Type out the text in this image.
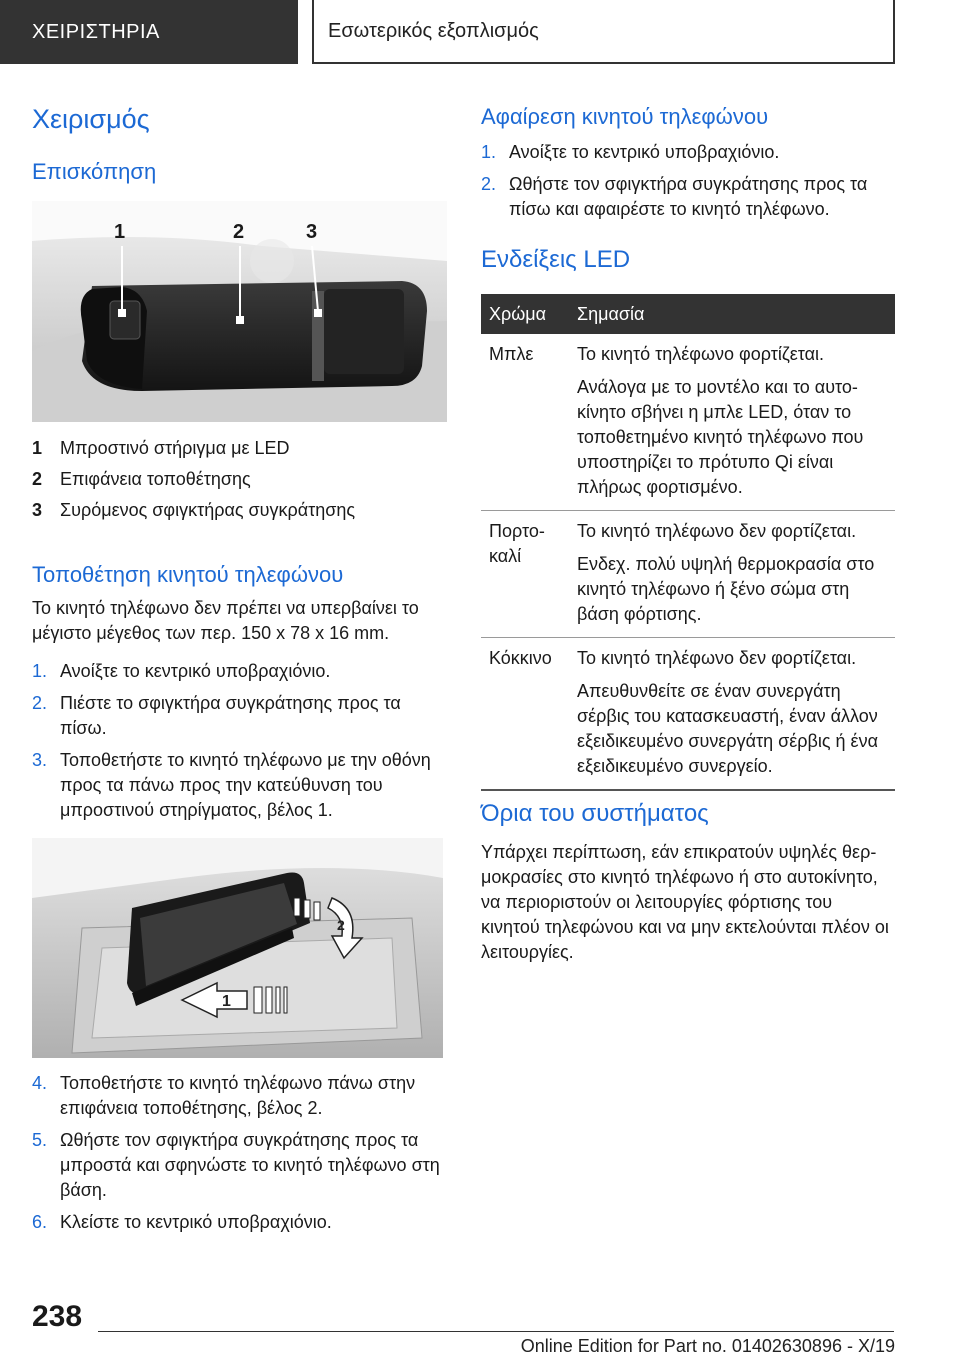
ΧΕΙΡΙΣΤΗΡΙΑ	Εσωτερικός εξοπλισμός
Χειρισμός
Επισκόπηση
1	2	3
1 Μπροστινό στήριγμα με LED
2 Επιφάνεια τοποθέτησης
3 Συρόμενος σφιγκτήρας συγκράτησης
Τοποθέτηση κινητού τηλεφώνου
Το κινητό τηλέφωνο δεν πρέπει να υπερβαίνει το μέγιστο μέγεθος των περ. 150 x 78 x 16 mm.
1. Ανοίξτε το κεντρικό υποβραχιόνιο.
2. Πιέστε το σφιγκτήρα συγκράτησης προς τα πίσω.
3. Τοποθετήστε το κινητό τηλέφωνο με την οθόνη προς τα πάνω προς την κατεύθυνση του μπροστινού στηρίγματος, βέλος 1.
1
2
4. Τοποθετήστε το κινητό τηλέφωνο πάνω στην επιφάνεια τοποθέτησης, βέλος 2.
5. Ωθήστε τον σφιγκτήρα συγκράτησης προς τα μπροστά και σφηνώστε το κινητό τηλέφωνο στη βάση.
6. Κλείστε το κεντρικό υποβραχιόνιο.
Αφαίρεση κινητού τηλεφώνου
1. Ανοίξτε το κεντρικό υποβραχιόνιο.
2. Ωθήστε τον σφιγκτήρα συγκράτησης προς τα πίσω και αφαιρέστε το κινητό τηλέφωνο.
Ενδείξεις LED
Χρώμα	Σημασία
Μπλε	Το κινητό τηλέφωνο φορτίζεται.

Ανάλογα με το μοντέλο και το αυτοκίνητο σβήνει η μπλε LED, όταν το τοποθετημένο κινητό τηλέφωνο που υποστηρίζει το πρότυπο Qi είναι πλήρως φορτισμένο.

Πορτοκαλί	Το κινητό τηλέφωνο δεν φορτίζεται.

Ενδεχ. πολύ υψηλή θερμοκρασία στο κινητό τηλέφωνο ή ξένο σώμα στη βάση φόρτισης.

Κόκκινο	Το κινητό τηλέφωνο δεν φορτίζεται.

Απευθυνθείτε σε έναν συνεργάτη σέρβις του κατασκευαστή, έναν άλλον εξειδικευμένο συνεργάτη σέρβις ή ένα εξειδικευμένο συνεργείο.

Όρια του συστήματος
Υπάρχει περίπτωση, εάν επικρατούν υψηλές θερμοκρασίες στο κινητό τηλέφωνο ή στο αυτοκίνητο, να περιοριστούν οι λειτουργίες φόρτισης του κινητού τηλεφώνου και να μην εκτελούνται πλέον οι λειτουργίες.
238
Online Edition for Part no. 01402630896 - X/19
